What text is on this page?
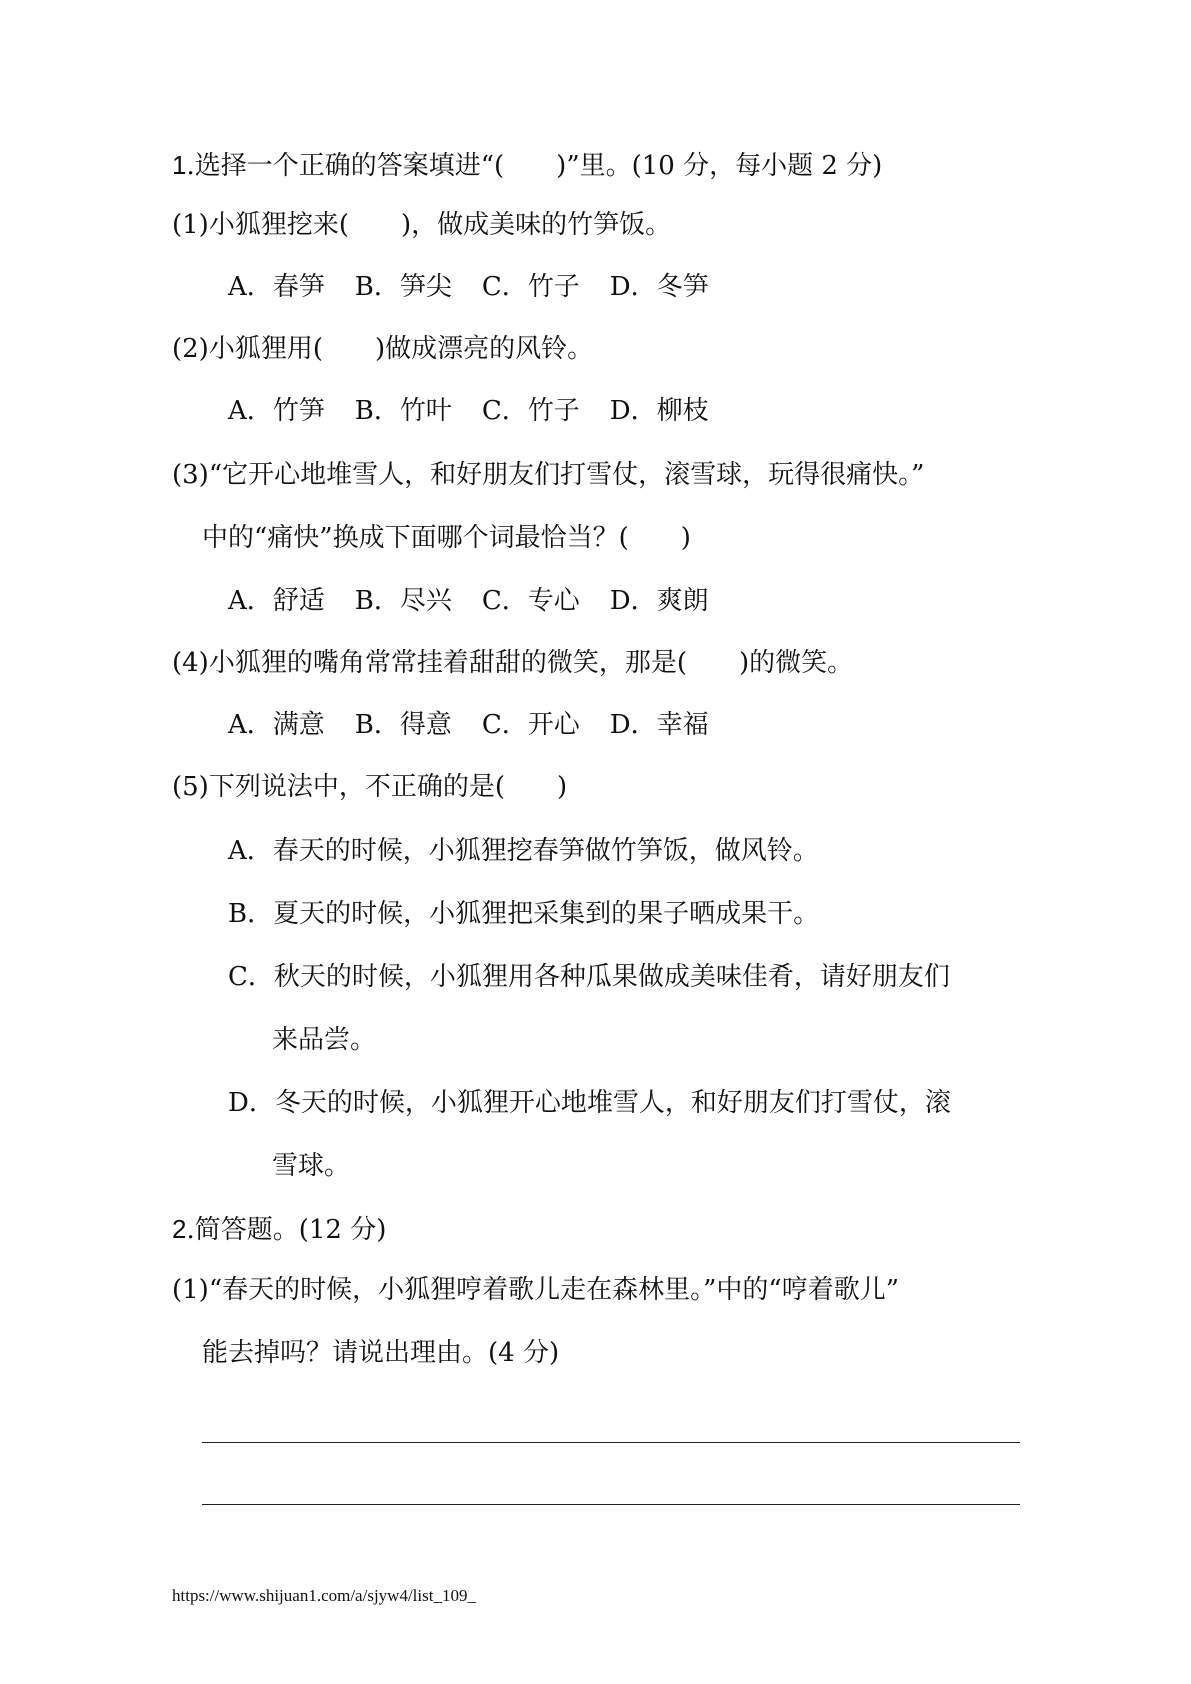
1.选择一个正确的答案填进“(　　)”里。(10 分，每小题 2 分)
(1)小狐狸挖来(　　)，做成美味的竹笋饭。
A．春笋 B．笋尖 C．竹子 D．冬笋
(2)小狐狸用(　　)做成漂亮的风铃。
A．竹笋 B．竹叶 C．竹子 D．柳枝
(3)“它开心地堆雪人，和好朋友们打雪仗，滚雪球，玩得很痛快。”
中的“痛快”换成下面哪个词最恰当？(　　)
A．舒适 B．尽兴 C．专心 D．爽朗
(4)小狐狸的嘴角常常挂着甜甜的微笑，那是(　　)的微笑。
A．满意 B．得意 C．开心 D．幸福
(5)下列说法中，不正确的是(　　)
A．春天的时候，小狐狸挖春笋做竹笋饭，做风铃。
B．夏天的时候，小狐狸把采集到的果子晒成果干。
C．秋天的时候，小狐狸用各种瓜果做成美味佳肴，请好朋友们
来品尝。
D．冬天的时候，小狐狸开心地堆雪人，和好朋友们打雪仗，滚
雪球。
2.简答题。(12 分)
(1)“春天的时候，小狐狸哼着歌儿走在森林里。”中的“哼着歌儿”
能去掉吗？请说出理由。(4 分)
https://www.shijuan1.com/a/sjyw4/list_109_
